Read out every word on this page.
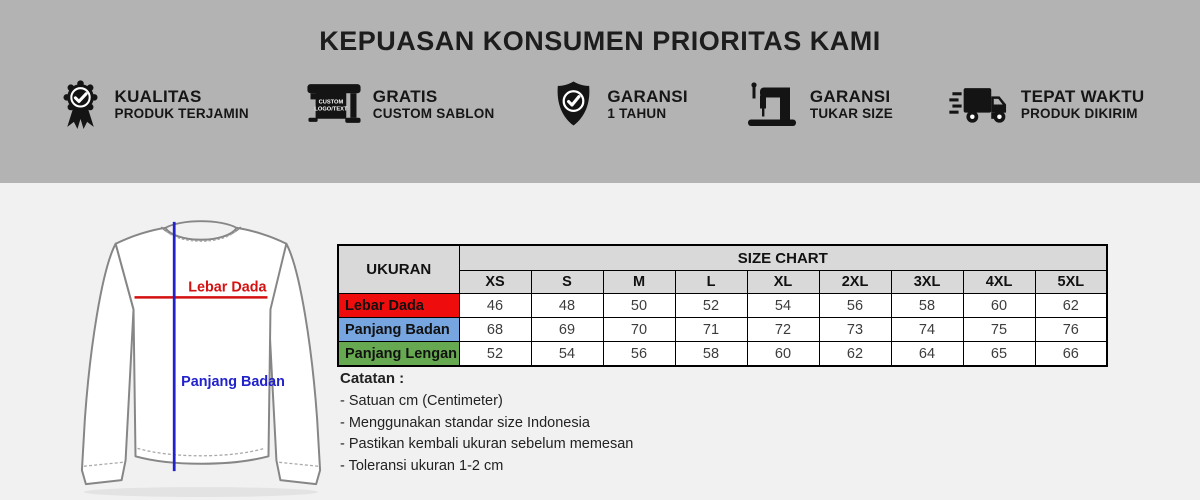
KEPUASAN KONSUMEN PRIORITAS KAMI
KUALITAS
PRODUK TERJAMIN
CUSTOM
LOGO/TEXT
GRATIS
CUSTOM SABLON
GARANSI
1 TAHUN
GARANSI
TUKAR SIZE
TEPAT WAKTU
PRODUK DIKIRIM
Lebar Dada
Panjang Badan
UKURAN	SIZE CHART								
	XS	S	M	L	XL	2XL	3XL	4XL	5XL
Lebar Dada	46	48	50	52	54	56	58	60	62
Panjang Badan	68	69	70	71	72	73	74	75	76
Panjang Lengan	52	54	56	58	60	62	64	65	66
Catatan :
- Satuan cm (Centimeter)
- Menggunakan standar size Indonesia
- Pastikan kembali ukuran sebelum memesan
- Toleransi ukuran 1-2 cm
